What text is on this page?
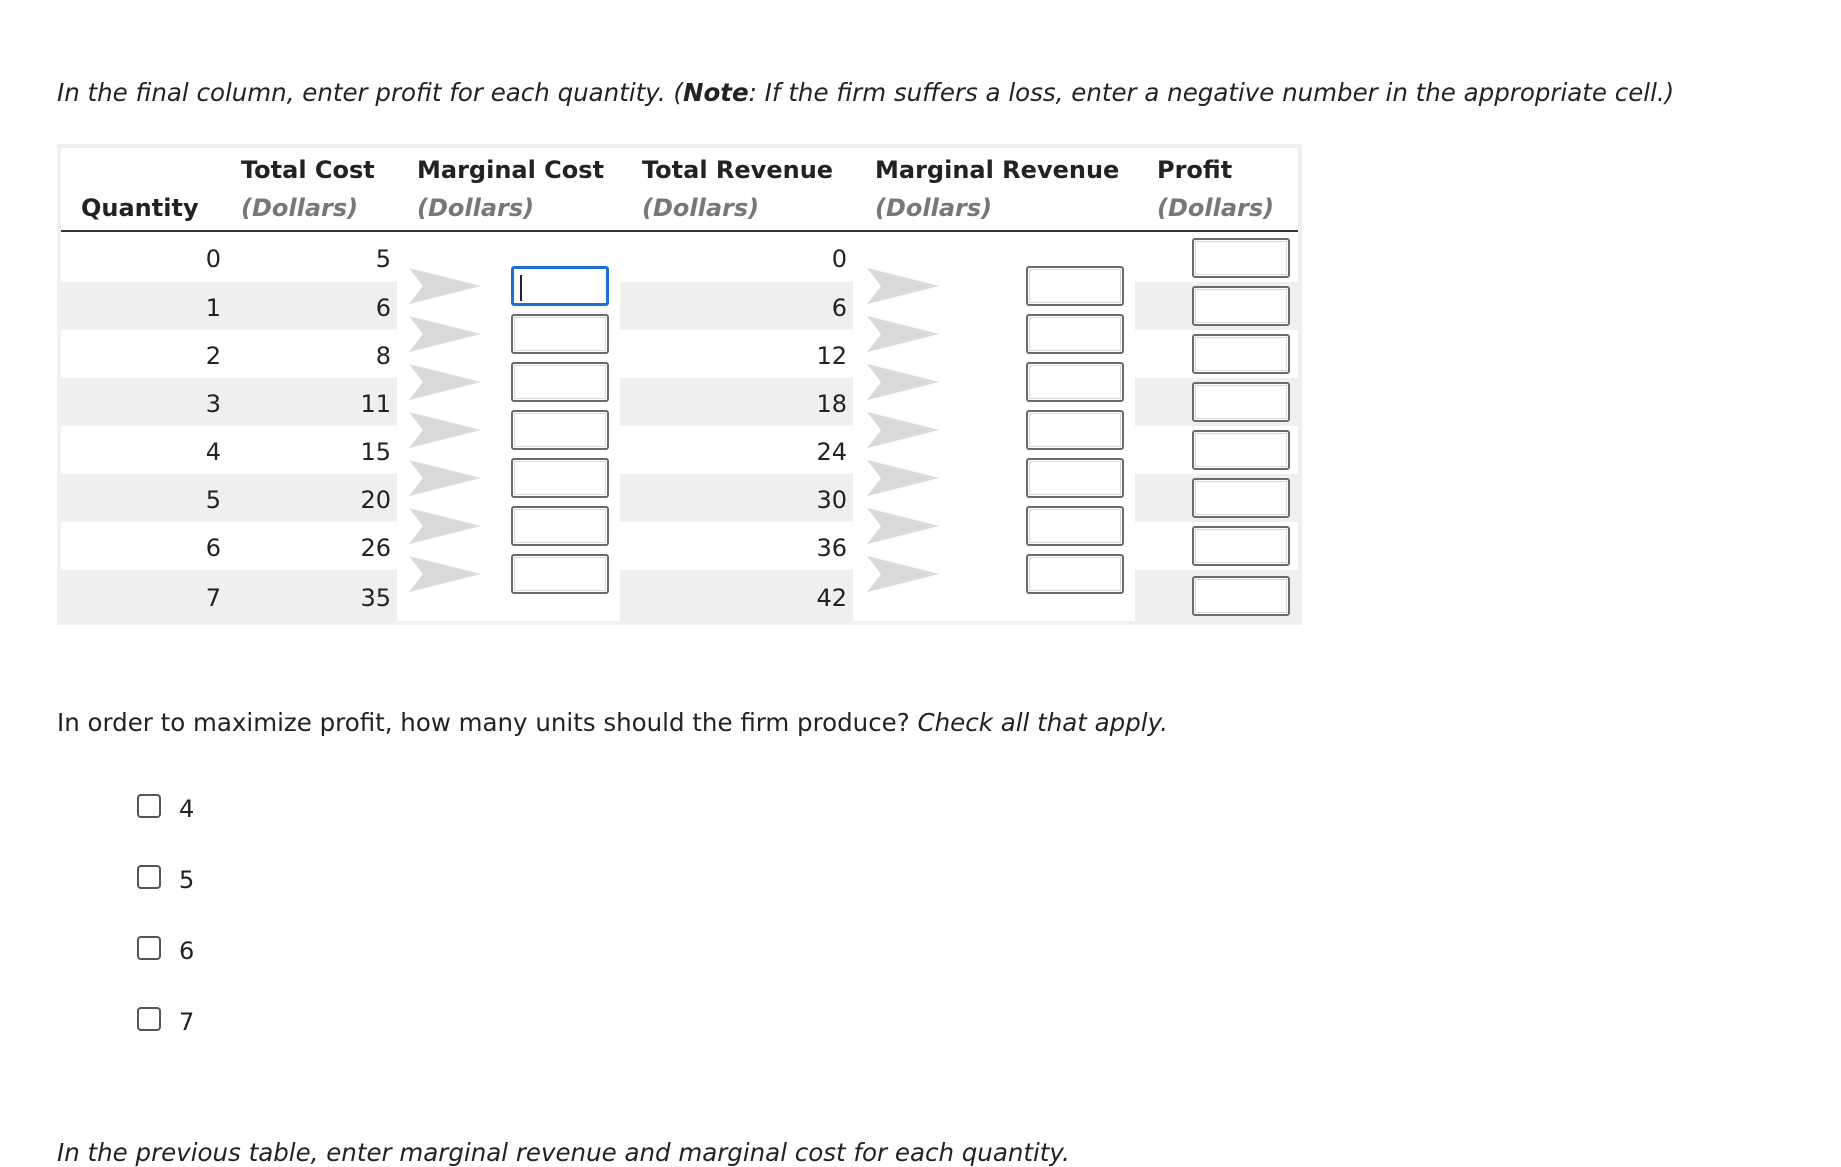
In the final column, enter profit for each quantity. (Note: If the firm suffers a loss, enter a negative number in the appropriate cell.)
Quantity
Total Cost
(Dollars)
Marginal Cost
(Dollars)
Total Revenue
(Dollars)
Marginal Revenue
(Dollars)
Profit
(Dollars)
0
1
2
3
4
5
6
7
5
6
8
11
15
20
26
35
0
6
12
18
24
30
36
42
In order to maximize profit, how many units should the firm produce? Check all that apply.
4
5
6
7
In the previous table, enter marginal revenue and marginal cost for each quantity.
